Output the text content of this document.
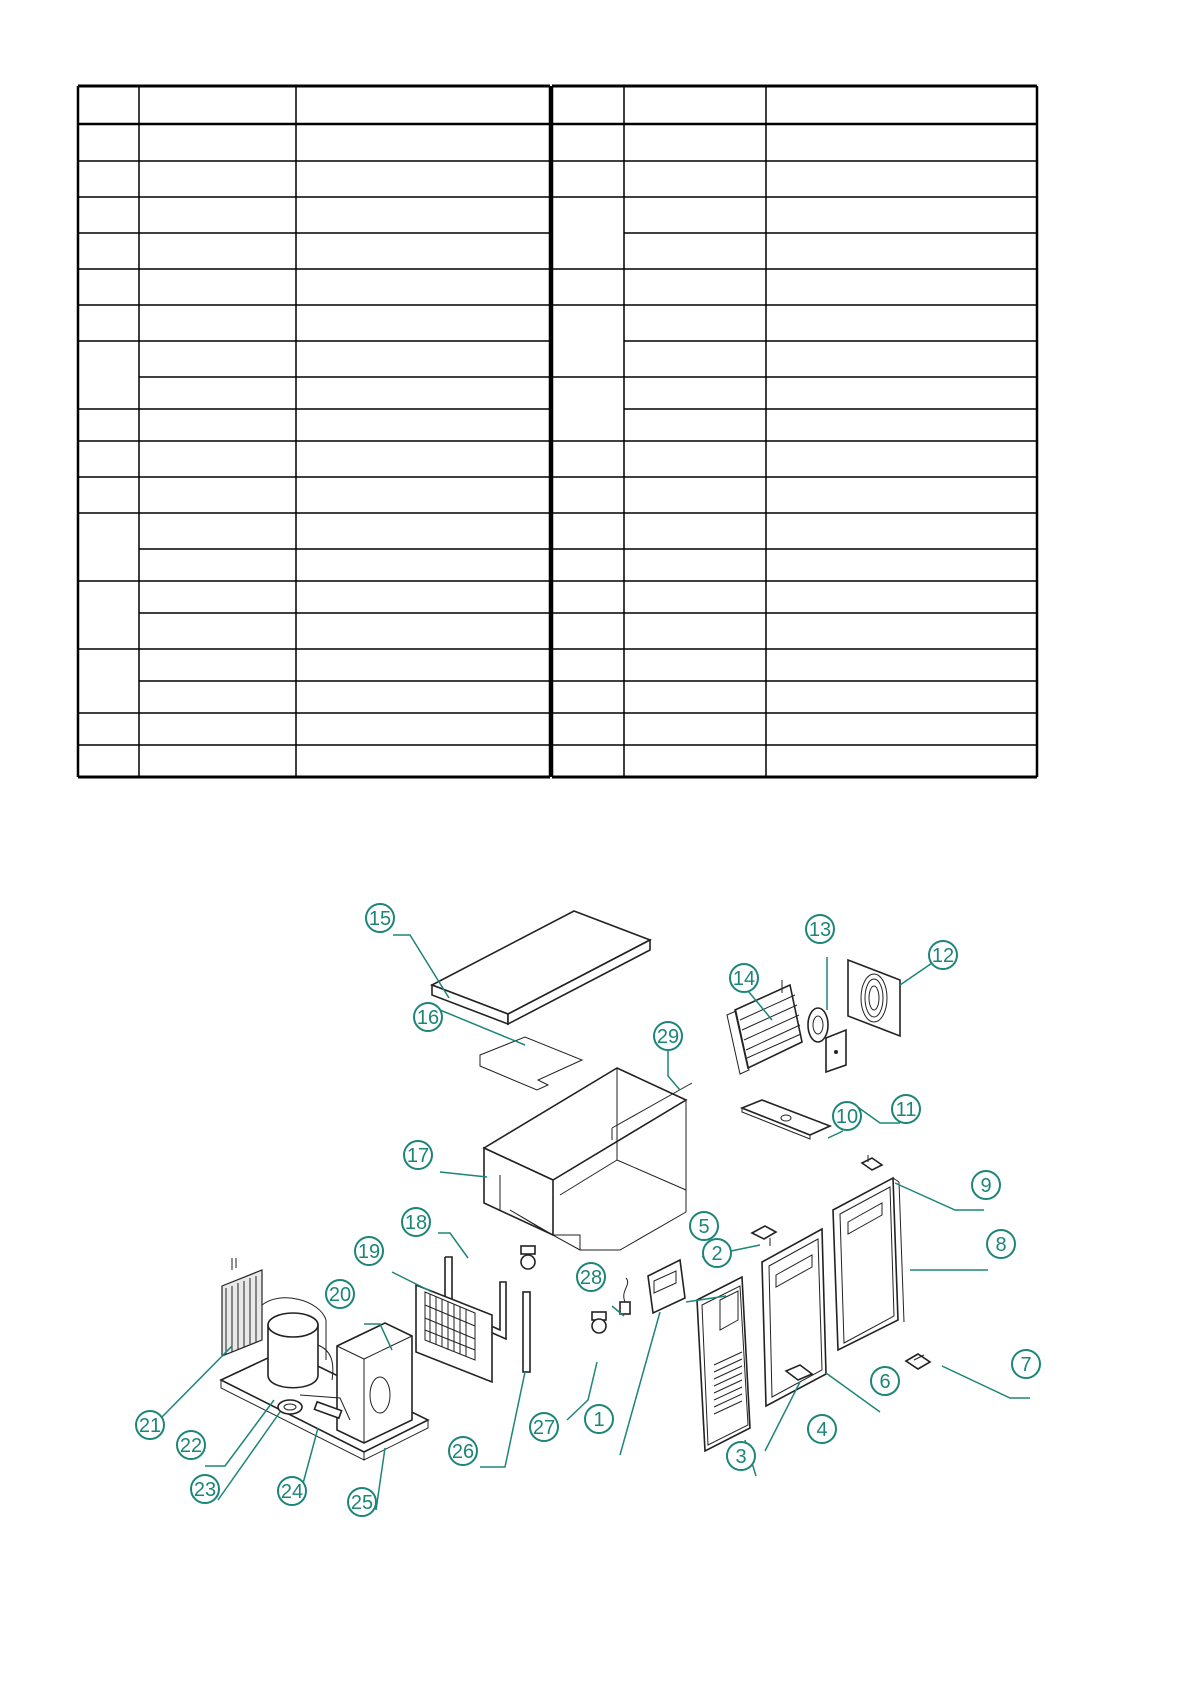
1
2
3
4
5
6
7
8
9
10 11
12
13
14
15
16
17
18
19
20
21
22
23	24 25
26
27
28
29
